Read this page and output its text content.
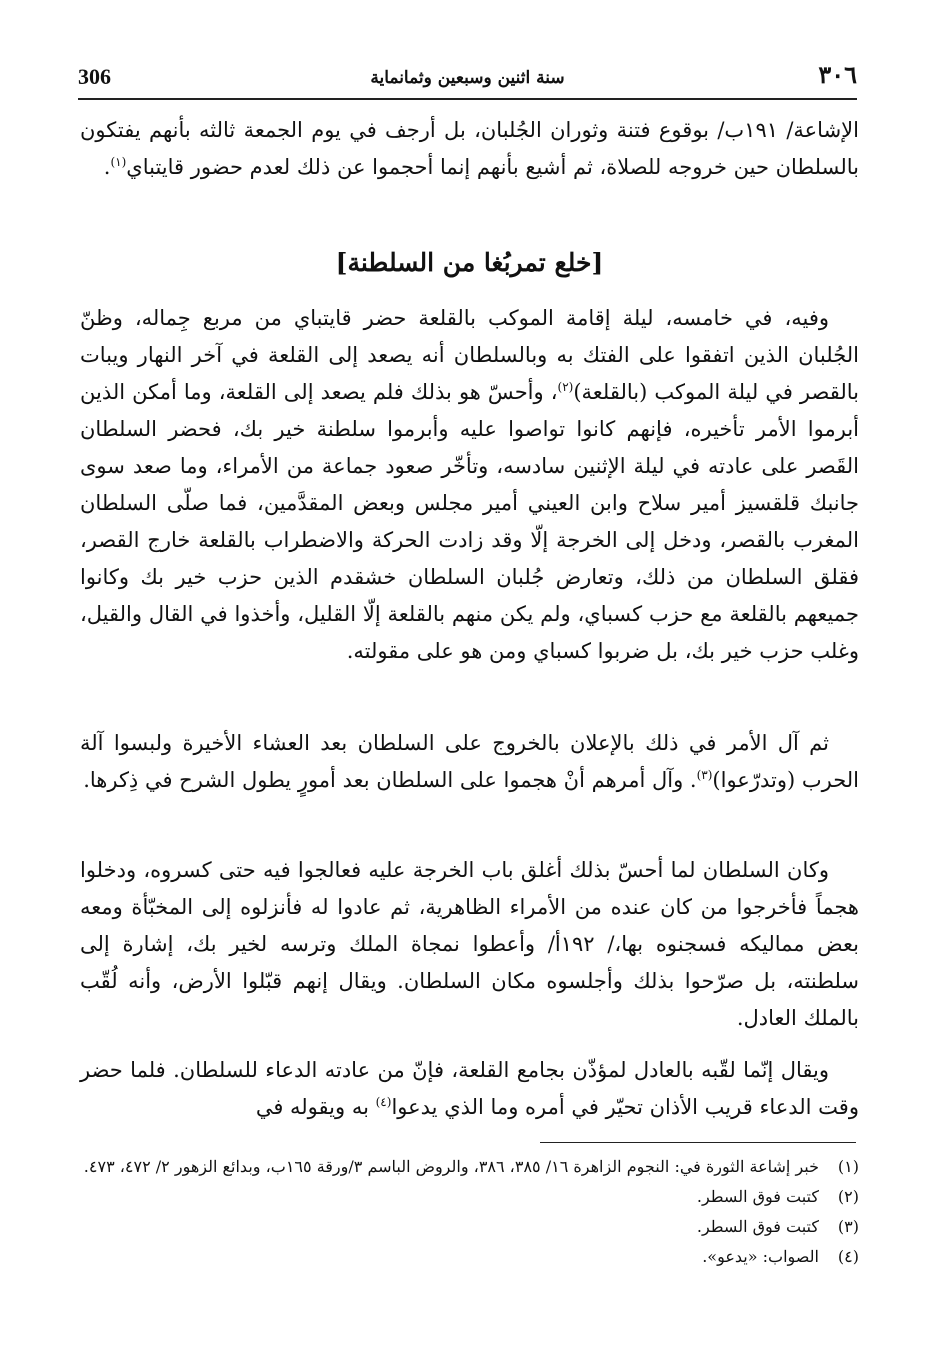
306	سنة اثنين وسبعين وثمانماية	٣٠٦
الإشاعة/ ١٩١ب/ بوقوع فتنة وثوران الجُلبان، بل أرجف في يوم الجمعة ثالثه بأنهم يفتكون بالسلطان حين خروجه للصلاة، ثم أشيع بأنهم إنما أحجموا عن ذلك لعدم حضور قايتباي$^{(١)}$.
[خلع تمربُغا من السلطنة]
وفيه، في خامسه، ليلة إقامة الموكب بالقلعة حضر قايتباي من مربع جِماله، وظنّ الجُلبان الذين اتفقوا على الفتك به وبالسلطان أنه يصعد إلى القلعة في آخر النهار ويبات بالقصر في ليلة الموكب (بالقلعة)$^{(٢)}$، وأحسّ هو بذلك فلم يصعد إلى القلعة، وما أمكن الذين أبرموا الأمر تأخيره، فإنهم كانوا تواصوا عليه وأبرموا سلطنة خير بك، فحضر السلطان القَصر على عادته في ليلة الإثنين سادسه، وتأخّر صعود جماعة من الأمراء، وما صعد سوى جانبك قلقسيز أمير سلاح وابن العيني أمير مجلس وبعض المقدَّمين، فما صلّى السلطان المغرب بالقصر، ودخل إلى الخرجة إلّا وقد زادت الحركة والاضطراب بالقلعة خارج القصر، فقلق السلطان من ذلك، وتعارض جُلبان السلطان خشقدم الذين حزب خير بك وكانوا جميعهم بالقلعة مع حزب كسباي، ولم يكن منهم بالقلعة إلّا القليل، وأخذوا في القال والقيل، وغلب حزب خير بك، بل ضربوا كسباي ومن هو على مقولته.
ثم آل الأمر في ذلك بالإعلان بالخروج على السلطان بعد العشاء الأخيرة ولبسوا آلة الحرب (وتدرّعوا)$^{(٣)}$. وآل أمرهم أنْ هجموا على السلطان بعد أمورٍ يطول الشرح في ذِكرها.
وكان السلطان لما أحسّ بذلك أغلق باب الخرجة عليه فعالجوا فيه حتى كسروه، ودخلوا هجماً فأخرجوا من كان عنده من الأمراء الظاهرية، ثم عادوا له فأنزلوه إلى المخبّأة ومعه بعض مماليكه فسجنوه بها،/ ١٩٢أ/ وأعطوا نمجاة الملك وترسه لخير بك، إشارة إلى سلطنته، بل صرّحوا بذلك وأجلسوه مكان السلطان. ويقال إنهم قبّلوا الأرض، وأنه لُقّب بالملك العادل.
ويقال إنّما لقّبه بالعادل لمؤذّن بجامع القلعة، فإنّ من عادته الدعاء للسلطان. فلما حضر وقت الدعاء قريب الأذان تحيّر في أمره وما الذي يدعوا$^{(٤)}$ به ويقوله في
(١)
خبر إشاعة الثورة في: النجوم الزاهرة ١٦/ ٣٨٥، ٣٨٦، والروض الباسم ٣/ورقة ١٦٥ب، وبدائع الزهور ٢/ ٤٧٢، ٤٧٣.
(٢)
كتبت فوق السطر.
(٣)
كتبت فوق السطر.
(٤)
الصواب: «يدعو».
